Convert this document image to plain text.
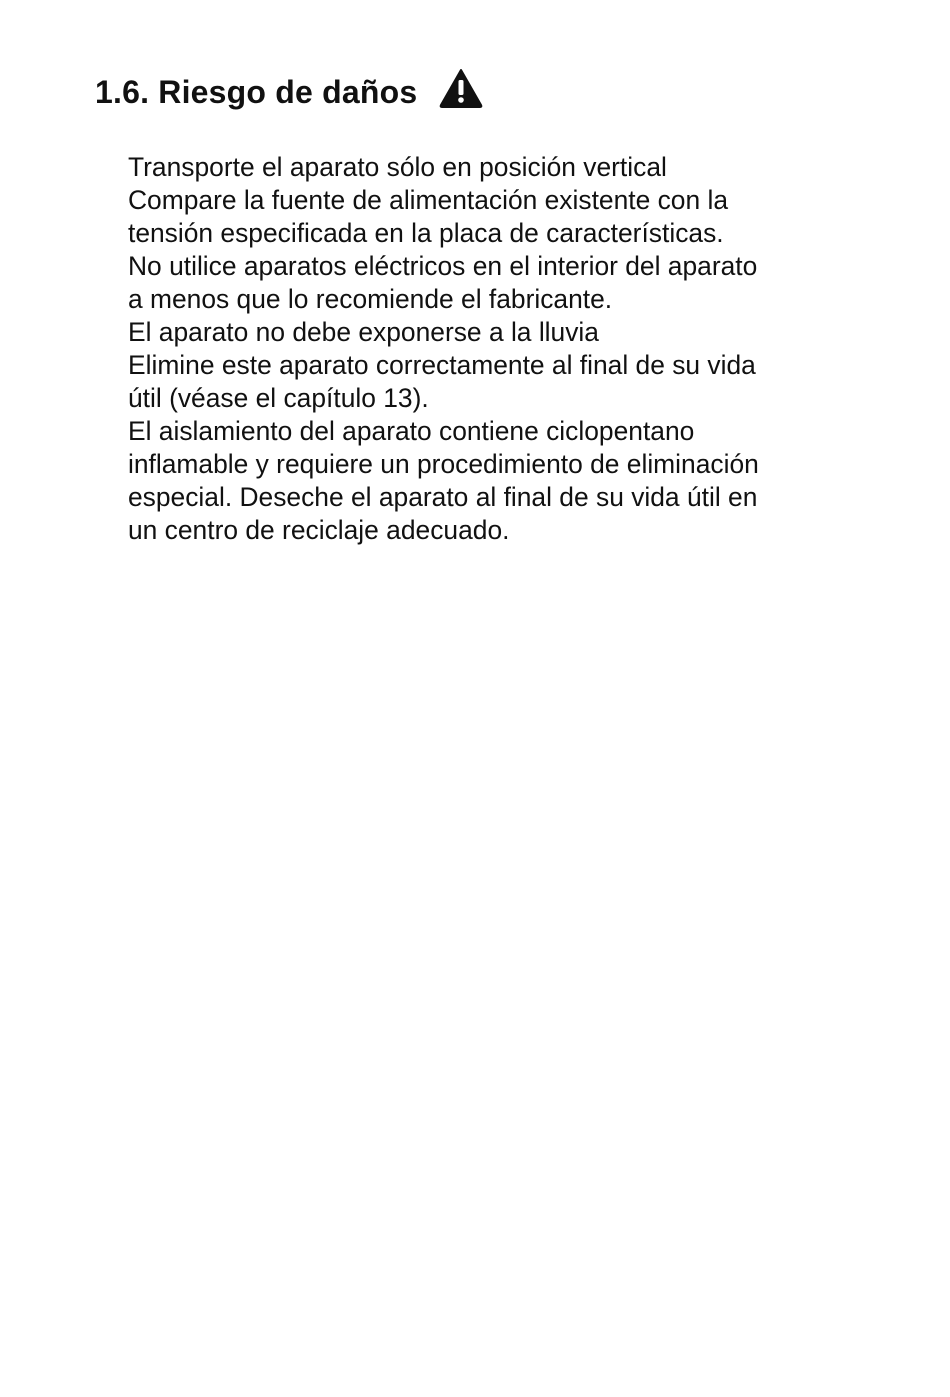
1.6. Riesgo de daños
Transporte el aparato sólo en posición vertical
Compare la fuente de alimentación existente con la
tensión especificada en la placa de características.
No utilice aparatos eléctricos en el interior del aparato
a menos que lo recomiende el fabricante.
El aparato no debe exponerse a la lluvia
Elimine este aparato correctamente al final de su vida
útil (véase el capítulo 13).
El aislamiento del aparato contiene ciclopentano
inflamable y requiere un procedimiento de eliminación
especial. Deseche el aparato al final de su vida útil en
un centro de reciclaje adecuado.
